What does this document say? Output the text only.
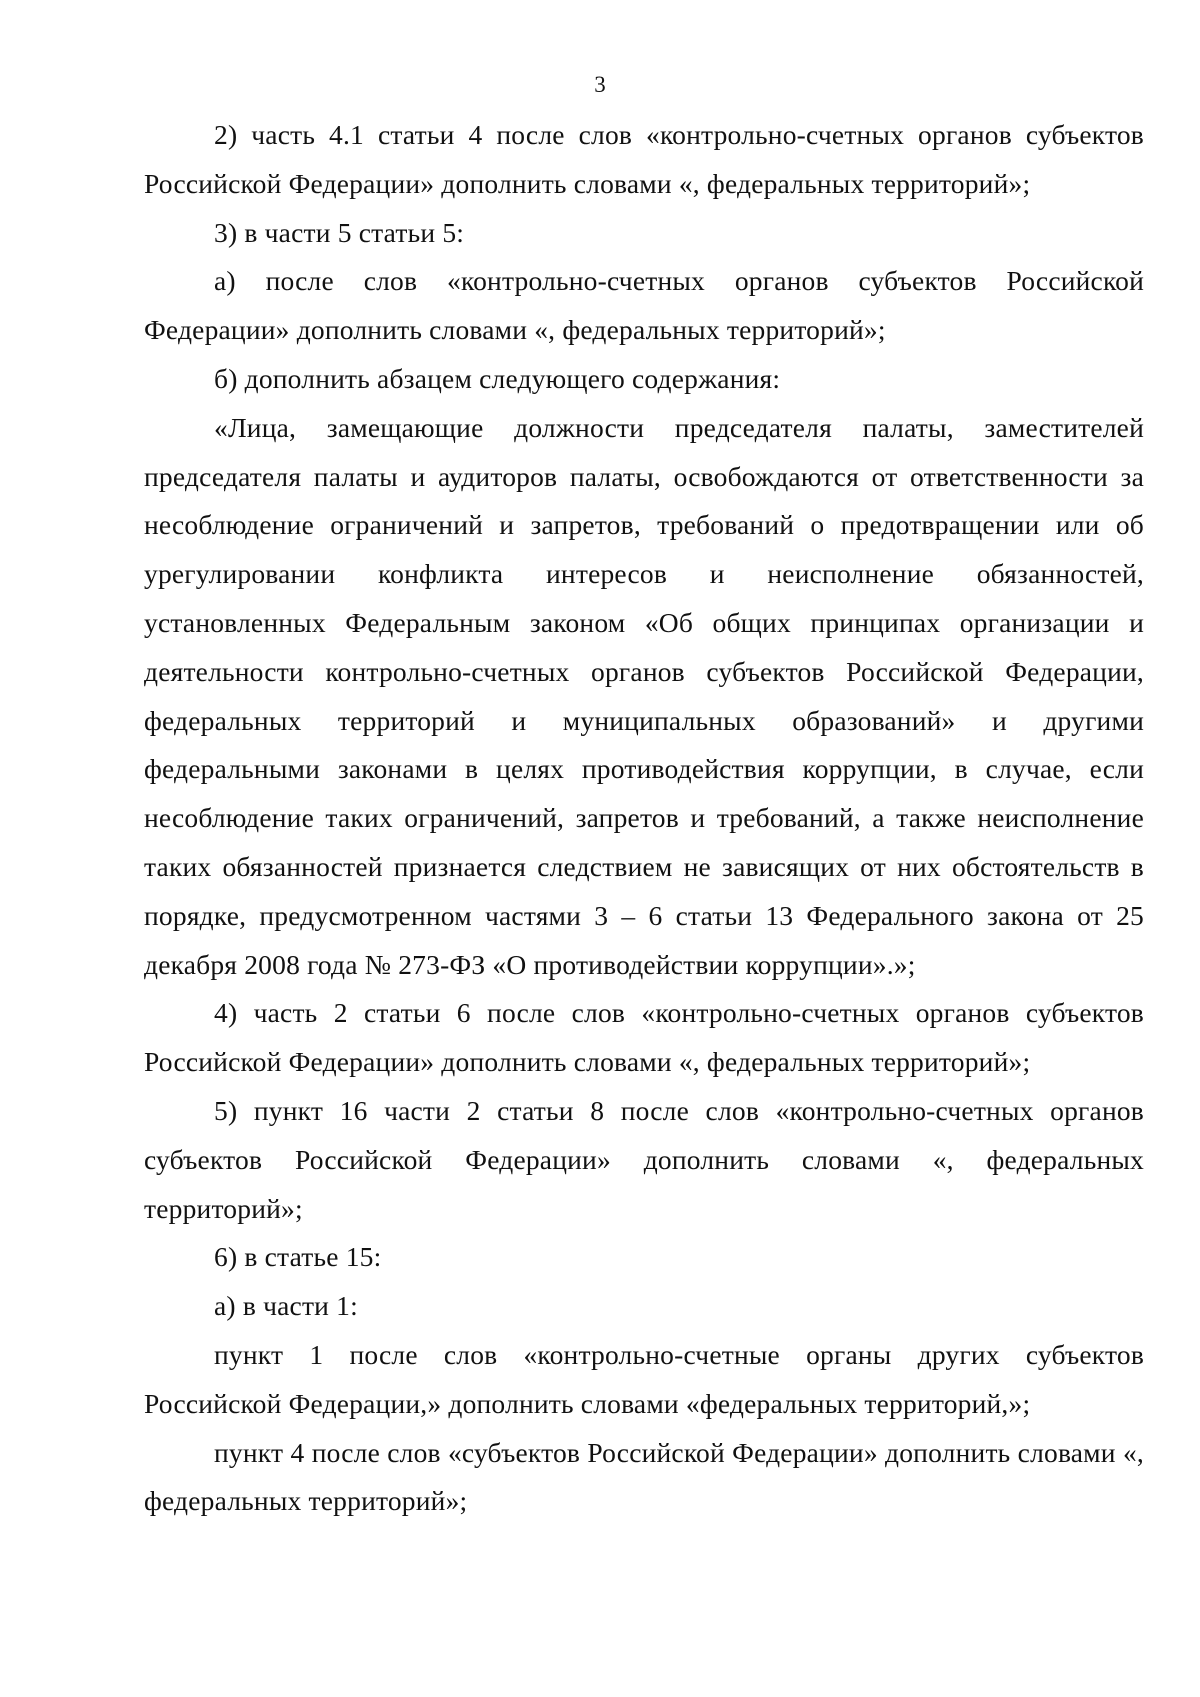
3

2) часть 4.1 статьи 4 после слов «контрольно-счетных органов субъектов Российской Федерации» дополнить словами «, федеральных территорий»;

3) в части 5 статьи 5:

а) после слов «контрольно-счетных органов субъектов Российской Федерации» дополнить словами «, федеральных территорий»;

б) дополнить абзацем следующего содержания:

«Лица, замещающие должности председателя палаты, заместителей председателя палаты и аудиторов палаты, освобождаются от ответственности за несоблюдение ограничений и запретов, требований о предотвращении или об урегулировании конфликта интересов и неисполнение обязанностей, установленных Федеральным законом «Об общих принципах организации и деятельности контрольно-счетных органов субъектов Российской Федерации, федеральных территорий и муниципальных образований» и другими федеральными законами в целях противодействия коррупции, в случае, если несоблюдение таких ограничений, запретов и требований, а также неисполнение таких обязанностей признается следствием не зависящих от них обстоятельств в порядке, предусмотренном частями 3 – 6 статьи 13 Федерального закона от 25 декабря 2008 года № 273-ФЗ «О противодействии коррупции».»;

4) часть 2 статьи 6 после слов «контрольно-счетных органов субъектов Российской Федерации» дополнить словами «, федеральных территорий»;

5) пункт 16 части 2 статьи 8 после слов «контрольно-счетных органов субъектов Российской Федерации» дополнить словами «, федеральных территорий»;

6) в статье 15:

а) в части 1:

пункт 1 после слов «контрольно-счетные органы других субъектов Российской Федерации,» дополнить словами «федеральных территорий,»;

пункт 4 после слов «субъектов Российской Федерации» дополнить словами «, федеральных территорий»;
